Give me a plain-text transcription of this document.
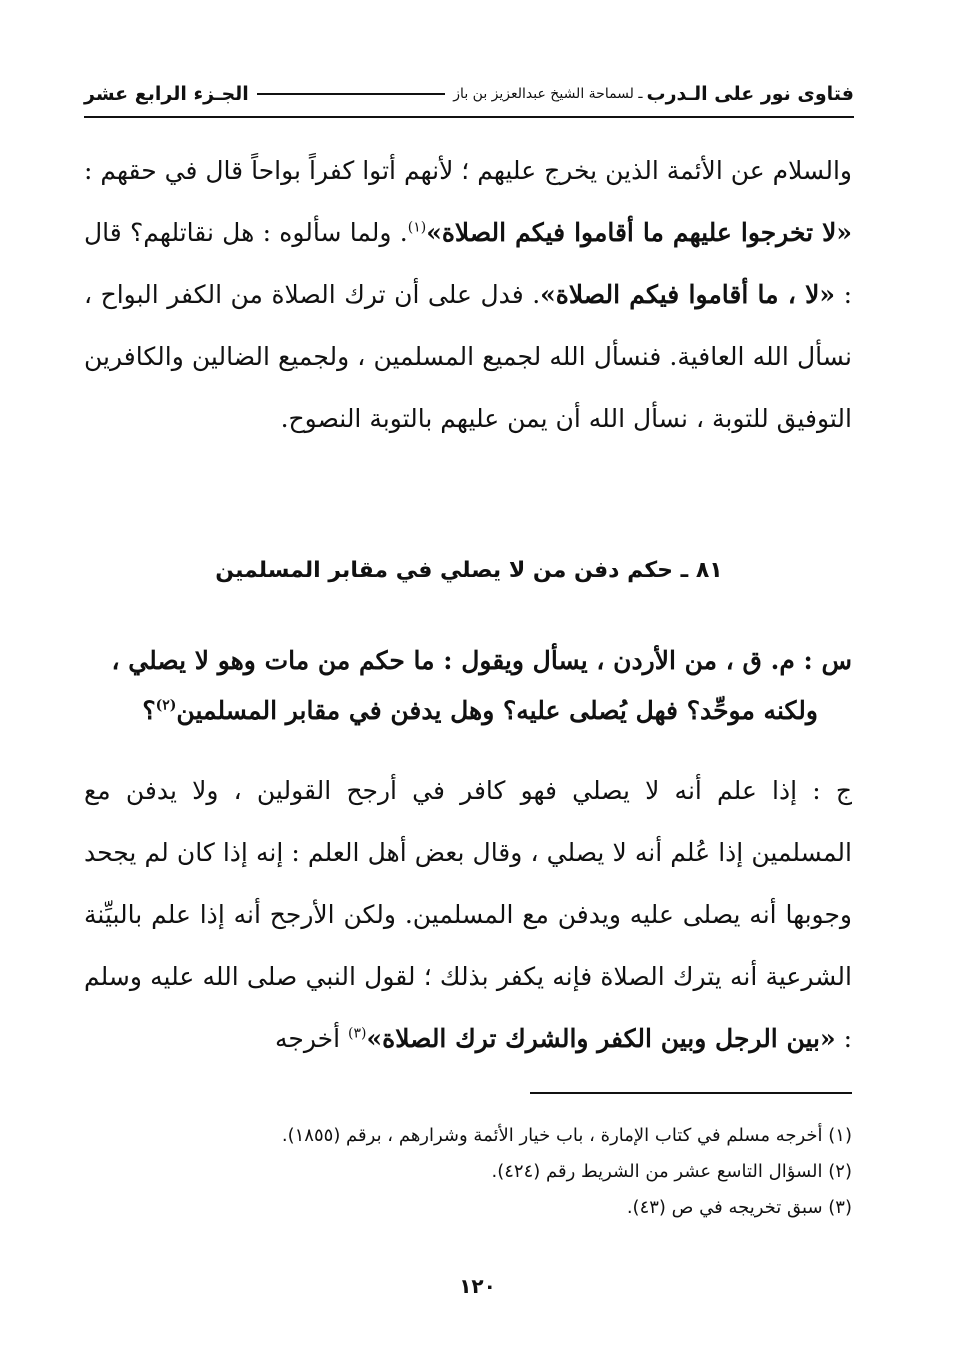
فتاوى نور على الـدرب
ـ لسماحة الشيخ عبدالعزيز بن باز
الجـزء الرابع عشر
والسلام عن الأئمة الذين يخرج عليهم ؛ لأنهم أتوا كفراً بواحاً قال في حقهم : «لا تخرجوا عليهم ما أقاموا فيكم الصلاة»$^{(١)}$. ولما سألوه : هل نقاتلهم؟ قال : «لا ، ما أقاموا فيكم الصلاة». فدل على أن ترك الصلاة من الكفر البواح ، نسأل الله العافية. فنسأل الله لجميع المسلمين ، ولجميع الضالين والكافرين التوفيق للتوبة ، نسأل الله أن يمن عليهم بالتوبة النصوح.
٨١ ـ حكم دفن من لا يصلي في مقابر المسلمين
س : م. ق ، من الأردن ، يسأل ويقول : ما حكم من مات وهو لا يصلي ،
ولكنه موحِّد؟ فهل يُصلى عليه؟ وهل يدفن في مقابر المسلمين$^{(٢)}$؟
ج : إذا علم أنه لا يصلي فهو كافر في أرجح القولين ، ولا يدفن مع المسلمين إذا عُلم أنه لا يصلي ، وقال بعض أهل العلم : إنه إذا كان لم يجحد وجوبها أنه يصلى عليه ويدفن مع المسلمين. ولكن الأرجح أنه إذا علم بالبيِّنة الشرعية أنه يترك الصلاة فإنه يكفر بذلك ؛ لقول النبي صلى الله عليه وسلم : «بين الرجل وبين الكفر والشرك ترك الصلاة»$^{(٣)}$ أخرجه
(١) أخرجه مسلم في كتاب الإمارة ، باب خيار الأئمة وشرارهم ، برقم (١٨٥٥).
(٢) السؤال التاسع عشر من الشريط رقم (٤٢٤).
(٣) سبق تخريجه في ص (٤٣).
١٢٠
